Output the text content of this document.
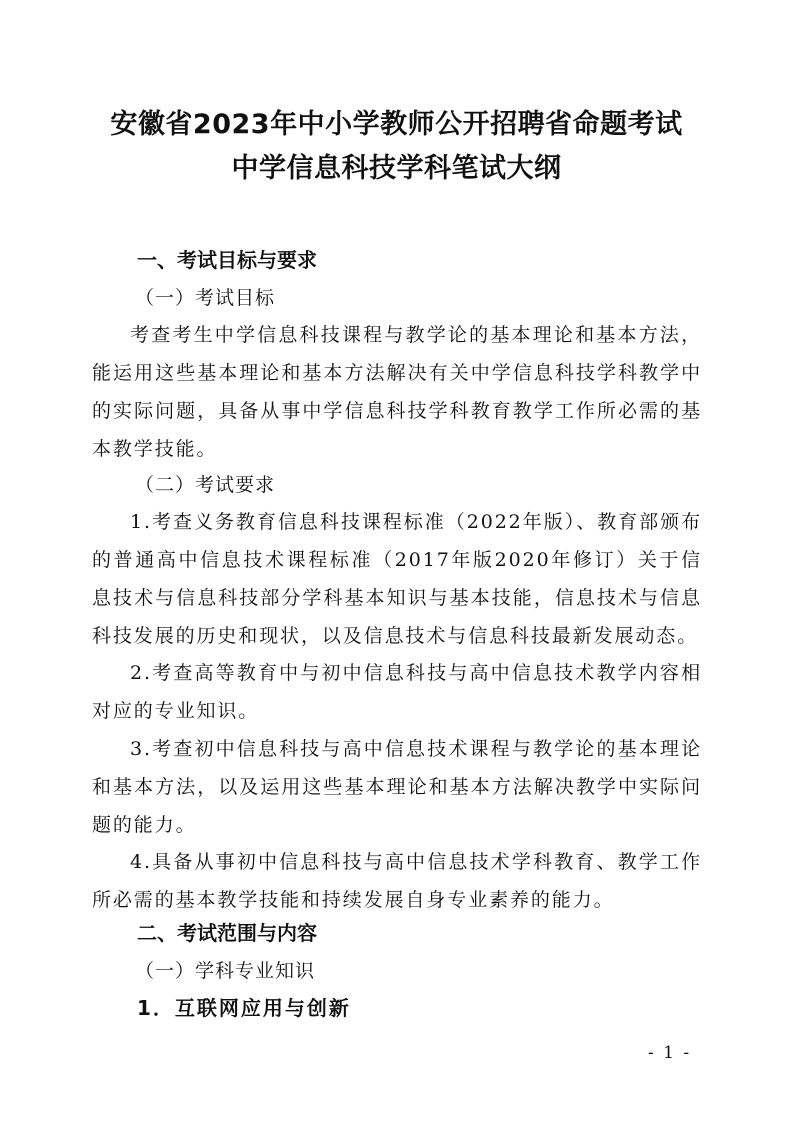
安徽省2023年中小学教师公开招聘省命题考试
中学信息科技学科笔试大纲
一、考试目标与要求
（一）考试目标
考查考生中学信息科技课程与教学论的基本理论和基本方法，能运用这些基本理论和基本方法解决有关中学信息科技学科教学中的实际问题，具备从事中学信息科技学科教育教学工作所必需的基本教学技能。
（二）考试要求
1.考查义务教育信息科技课程标准（2022年版）、教育部颁布的普通高中信息技术课程标准（2017年版2020年修订）关于信息技术与信息科技部分学科基本知识与基本技能，信息技术与信息科技发展的历史和现状，以及信息技术与信息科技最新发展动态。
2.考查高等教育中与初中信息科技与高中信息技术教学内容相对应的专业知识。
3.考查初中信息科技与高中信息技术课程与教学论的基本理论和基本方法，以及运用这些基本理论和基本方法解决教学中实际问题的能力。
4.具备从事初中信息科技与高中信息技术学科教育、教学工作所必需的基本教学技能和持续发展自身专业素养的能力。
二、考试范围与内容
（一）学科专业知识
1．互联网应用与创新
- 1 -
